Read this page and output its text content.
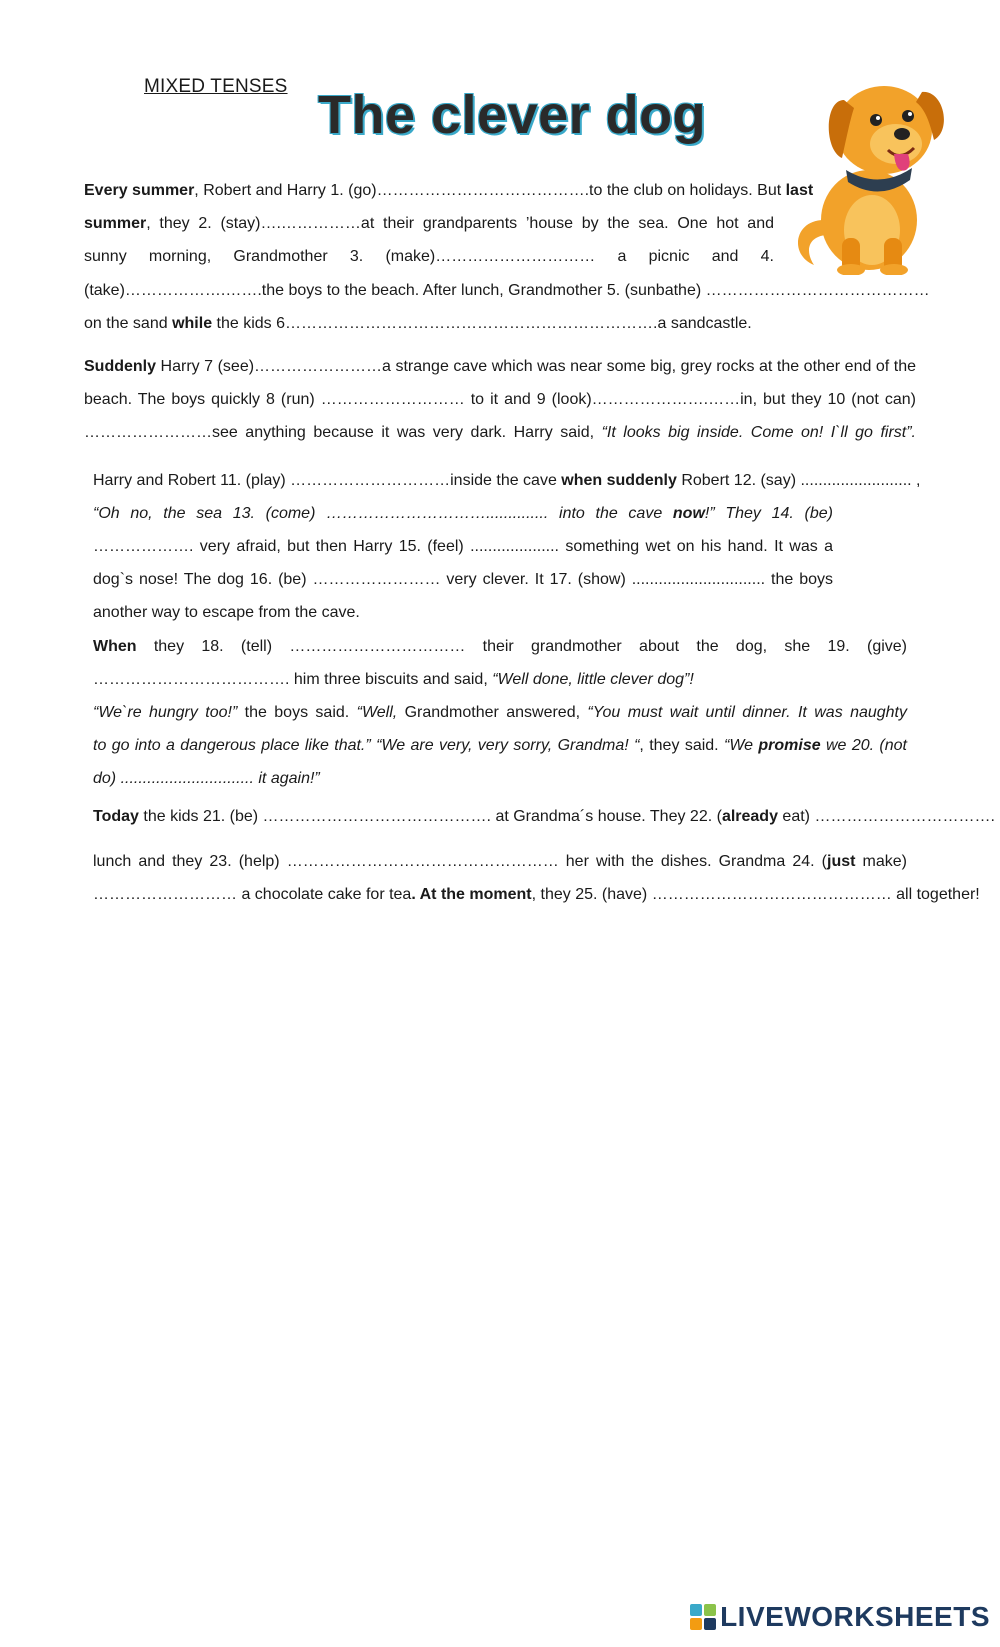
MIXED TENSES The clever dog
Every summer, Robert and Harry 1. (go)………………………………….to the club on holidays. But last
summer, they 2. (stay)….……………at their grandparents ’house by the sea. One hot and
sunny morning, Grandmother 3. (make)………………………… a picnic and 4.
(take)……………….…….the boys to the beach. After lunch, Grandmother 5. (sunbathe) ……………………………………
on the sand while the kids 6…………………………………………………………….a sandcastle.
Suddenly Harry 7 (see)……………………a strange cave which was near some big, grey rocks at the other end of the
beach. The boys quickly 8 (run) ……………………… to it and 9 (look)………………….……in, but they 10 (not can)
……………………see anything because it was very dark. Harry said, “It looks big inside. Come on! I`ll go first”.
Harry and Robert 11. (play) …………………………inside the cave when suddenly Robert 12. (say) ......................... ,
“Oh no, the sea 13. (come) ………………………….............. into the cave now!” They 14. (be)
………………. very afraid, but then Harry 15. (feel) .................... something wet on his hand. It was a
dog`s nose! The dog 16. (be) …………………… very clever. It 17. (show) .............................. the boys
another way to escape from the cave.
When they 18. (tell) …………………………… their grandmother about the dog, she 19. (give)
………………………………. him three biscuits and said, “Well done, little clever dog”!
“We`re hungry too!” the boys said. “Well, Grandmother answered, “You must wait until dinner. It was naughty
to go into a dangerous place like that.” “We are very, very sorry, Grandma! “, they said. “We promise we 20. (not
do) .............................. it again!”
Today the kids 21. (be) ……………………………………. at Grandma´s house. They 22. (already eat) …………………………….
lunch and they 23. (help) …………………………………………… her with the dishes. Grandma 24. (just make)
……………………… a chocolate cake for tea. At the moment, they 25. (have) ……………………………………… all together!
LIVEWORKSHEETS
